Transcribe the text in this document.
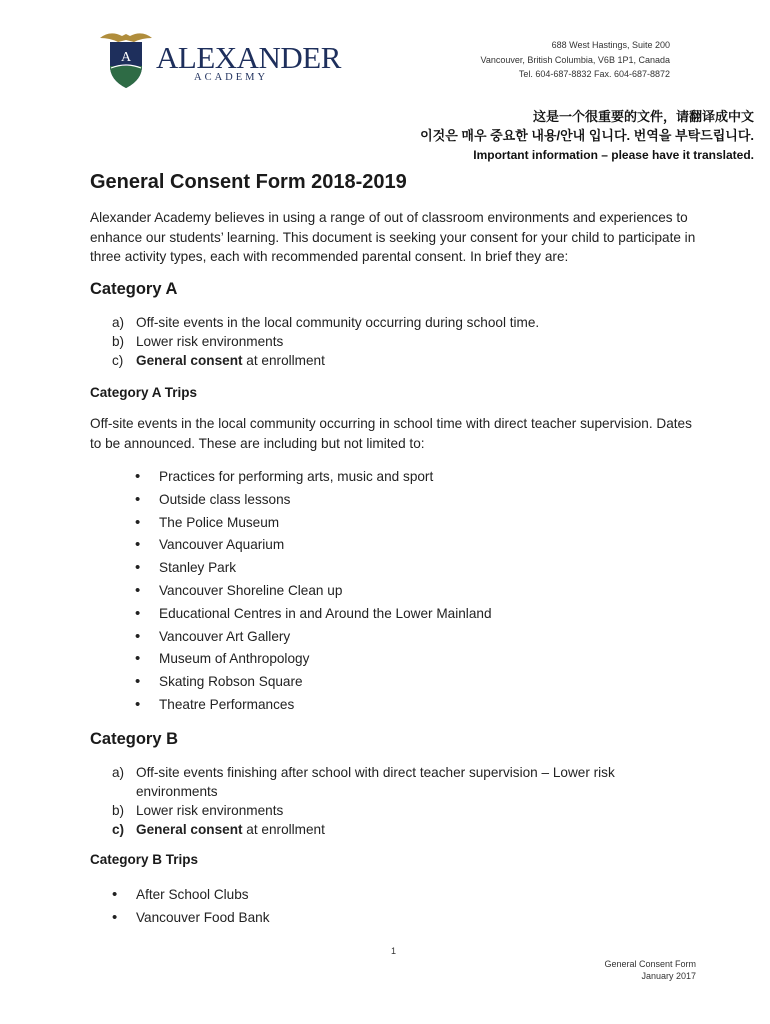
A ALEXANDER
ACADEMY
688 West Hastings, Suite 200
Vancouver, British Columbia, V6B 1P1, Canada
Tel. 604-687-8832 Fax. 604-687-8872
这是一个很重要的文件，请翻译成中文
이것은 매우 중요한 내용/안내 입니다. 번역을 부탁드립니다.
Important information – please have it translated.
General Consent Form 2018-2019

Alexander Academy believes in using a range of out of classroom environments and experiences to enhance our students’ learning. This document is seeking your consent for your child to participate in three activity types, each with recommended parental consent. In brief they are:

Category A
a) Off-site events in the local community occurring during school time.
b) Lower risk environments
c) General consent at enrollment
Category A Trips

Off-site events in the local community occurring in school time with direct teacher supervision. Dates to be announced. These are including but not limited to:

• Practices for performing arts, music and sport
• Outside class lessons
• The Police Museum
• Vancouver Aquarium
• Stanley Park
• Vancouver Shoreline Clean up
• Educational Centres in and Around the Lower Mainland
• Vancouver Art Gallery
• Museum of Anthropology
• Skating Robson Square
• Theatre Performances
Category B
a) Off-site events finishing after school with direct teacher supervision – Lower risk environments
b) Lower risk environments
c) General consent at enrollment
Category B Trips
• After School Clubs
• Vancouver Food Bank
1
General Consent Form
January 2017
